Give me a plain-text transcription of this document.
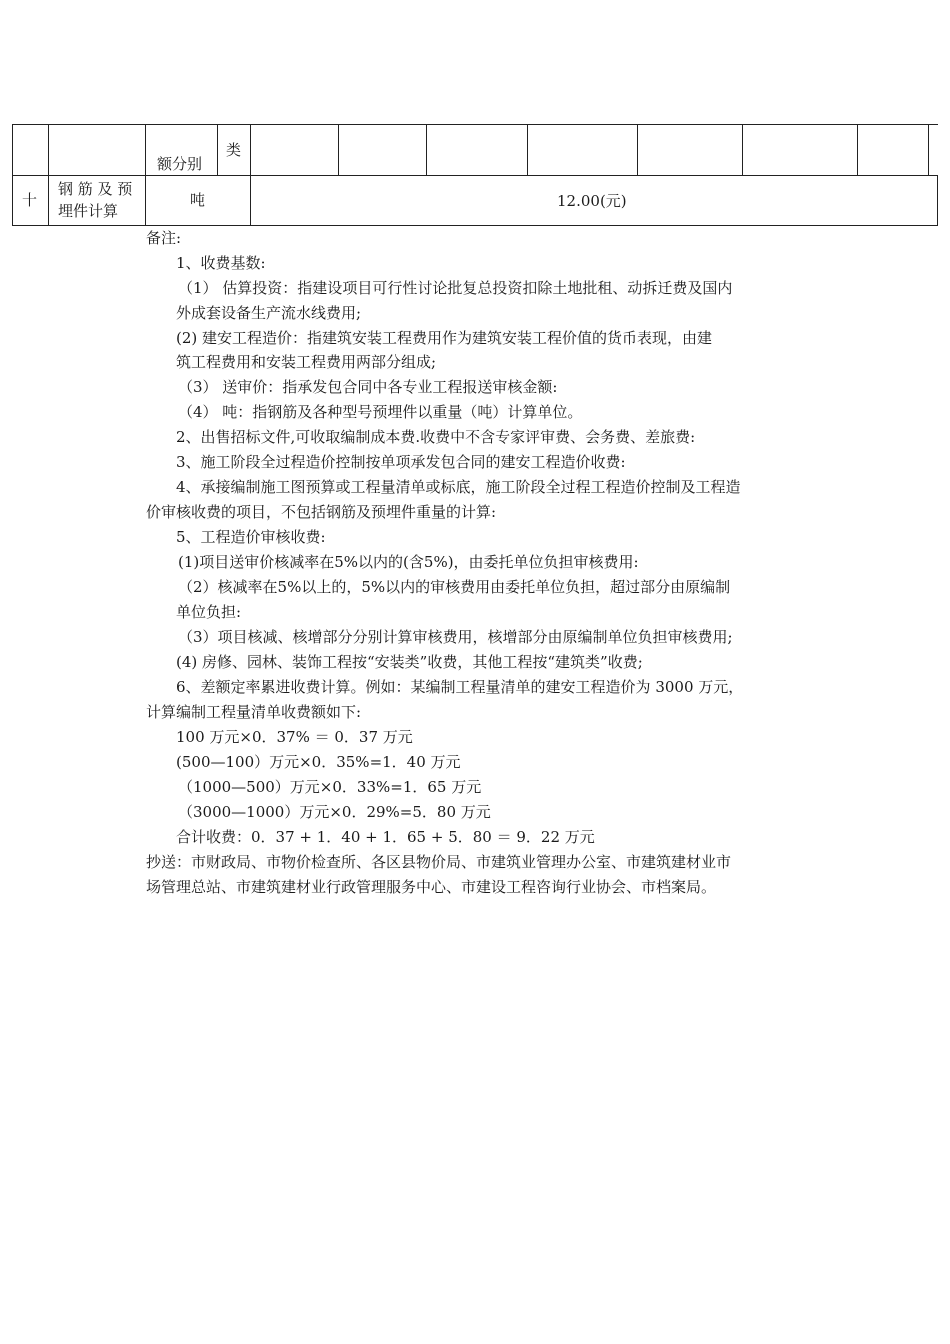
额分别
类
十
钢 筋 及 预
埋件计算
吨	12.00(元)
备注:
1、收费基数:
（1） 估算投资：指建设项目可行性讨论批复总投资扣除土地批租、动拆迁费及国内
外成套设备生产流水线费用;
(2) 建安工程造价：指建筑安装工程费用作为建筑安装工程价值的货币表现，由建
筑工程费用和安装工程费用两部分组成;
（3） 送审价：指承发包合同中各专业工程报送审核金额:
（4） 吨：指钢筋及各种型号预埋件以重量（吨）计算单位。
2、出售招标文件,可收取编制成本费.收费中不含专家评审费、会务费、差旅费:
3、施工阶段全过程造价控制按单项承发包合同的建安工程造价收费:
4、承接编制施工图预算或工程量清单或标底，施工阶段全过程工程造价控制及工程造
价审核收费的项目，不包括钢筋及预埋件重量的计算:
5、工程造价审核收费:
(1)项目送审价核减率在5%以内的(含5%)，由委托单位负担审核费用:
（2）核减率在5%以上的，5%以内的审核费用由委托单位负担，超过部分由原编制
单位负担:
（3）项目核减、核增部分分别计算审核费用，核增部分由原编制单位负担审核费用;
(4) 房修、园林、装饰工程按“安装类”收费，其他工程按“建筑类”收费;
6、差额定率累进收费计算。例如：某编制工程量清单的建安工程造价为 3000 万元，
计算编制工程量清单收费额如下:
100 万元×0．37% ＝ 0．37 万元
(500—100）万元×0．35%=1．40 万元
（1000—500）万元×0．33%=1．65 万元
（3000—1000）万元×0．29%=5．80 万元
合计收费：0．37 + 1．40 + 1．65 + 5．80 ＝ 9．22 万元
抄送：市财政局、市物价检查所、各区县物价局、市建筑业管理办公室、市建筑建材业市
场管理总站、市建筑建材业行政管理服务中心、市建设工程咨询行业协会、市档案局。
